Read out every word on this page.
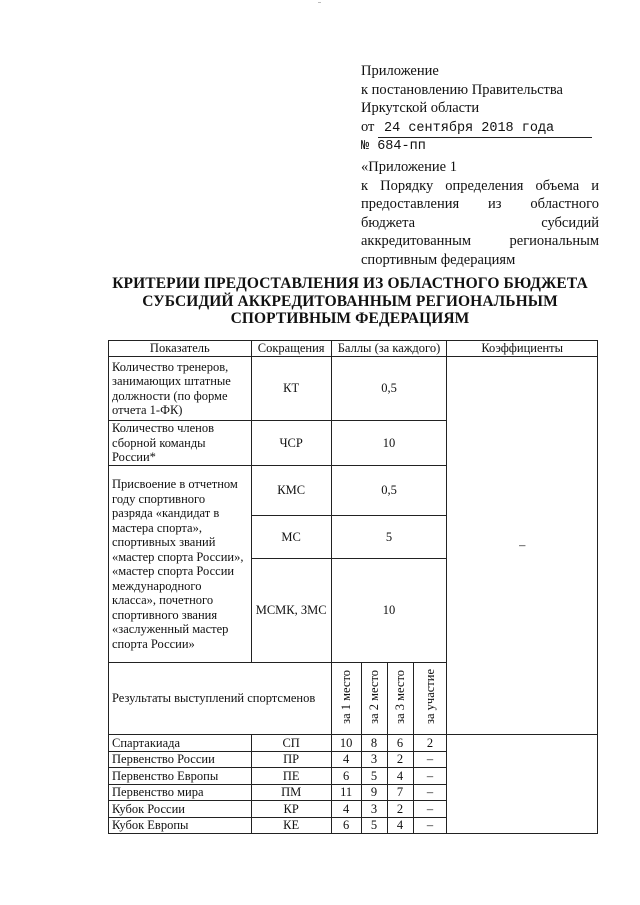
Приложение
к постановлению Правительства
Иркутской области
от 24 сентября 2018 года
№ 684-пп
«Приложение 1
к Порядку определения объема и
предоставления из областного
бюджета субсидий
аккредитованным региональным
спортивным федерациям
КРИТЕРИИ ПРЕДОСТАВЛЕНИЯ ИЗ ОБЛАСТНОГО БЮДЖЕТА
СУБСИДИЙ АККРЕДИТОВАННЫМ РЕГИОНАЛЬНЫМ
СПОРТИВНЫМ ФЕДЕРАЦИЯМ
Показатель	Сокращения	Баллы (за каждого)				Коэффициенты
Количество тренеров, занимающих штатные должности (по форме отчета 1-ФК)	КТ	0,5				–
Количество членов сборной команды России*	ЧСР	10				
Присвоение в отчетном году спортивного разряда «кандидат в мастера спорта», спортивных званий «мастер спорта России», «мастер спорта России международного класса», почетного спортивного звания «заслуженный мастер спорта России»	КМС	0,5				
	МС	5				
	МСМК, ЗМС	10				
Результаты выступлений спортсменов		за 1 место	за 2 место	за 3 место	за участие	
Спартакиада	СП	10	8	6	2	
Первенство России	ПР	4	3	2	–	
Первенство Европы	ПЕ	6	5	4	–	
Первенство мира	ПМ	11	9	7	–	
Кубок России	КР	4	3	2	–	
Кубок Европы	КЕ	6	5	4	–	
